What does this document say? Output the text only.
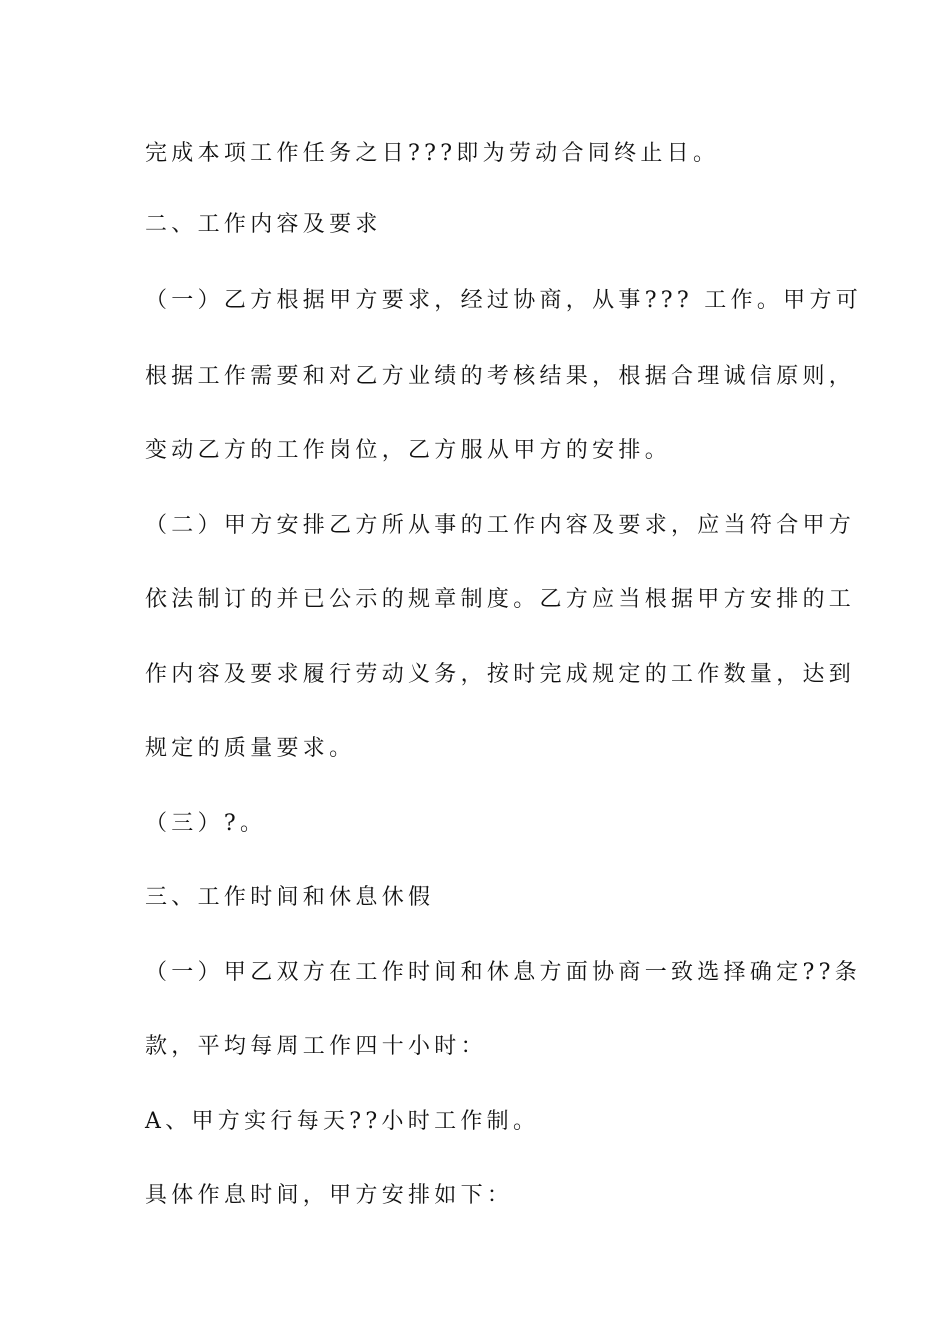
完成本项工作任务之日???即为劳动合同终止日。
二、工作内容及要求
（一）乙方根据甲方要求，经过协商，从事??? 工作。甲方可
根据工作需要和对乙方业绩的考核结果，根据合理诚信原则，
变动乙方的工作岗位，乙方服从甲方的安排。
（二）甲方安排乙方所从事的工作内容及要求，应当符合甲方
依法制订的并已公示的规章制度。乙方应当根据甲方安排的工
作内容及要求履行劳动义务，按时完成规定的工作数量，达到
规定的质量要求。
（三）?。
三、工作时间和休息休假
（一）甲乙双方在工作时间和休息方面协商一致选择确定??条
款，平均每周工作四十小时：
A、甲方实行每天??小时工作制。
具体作息时间，甲方安排如下：
